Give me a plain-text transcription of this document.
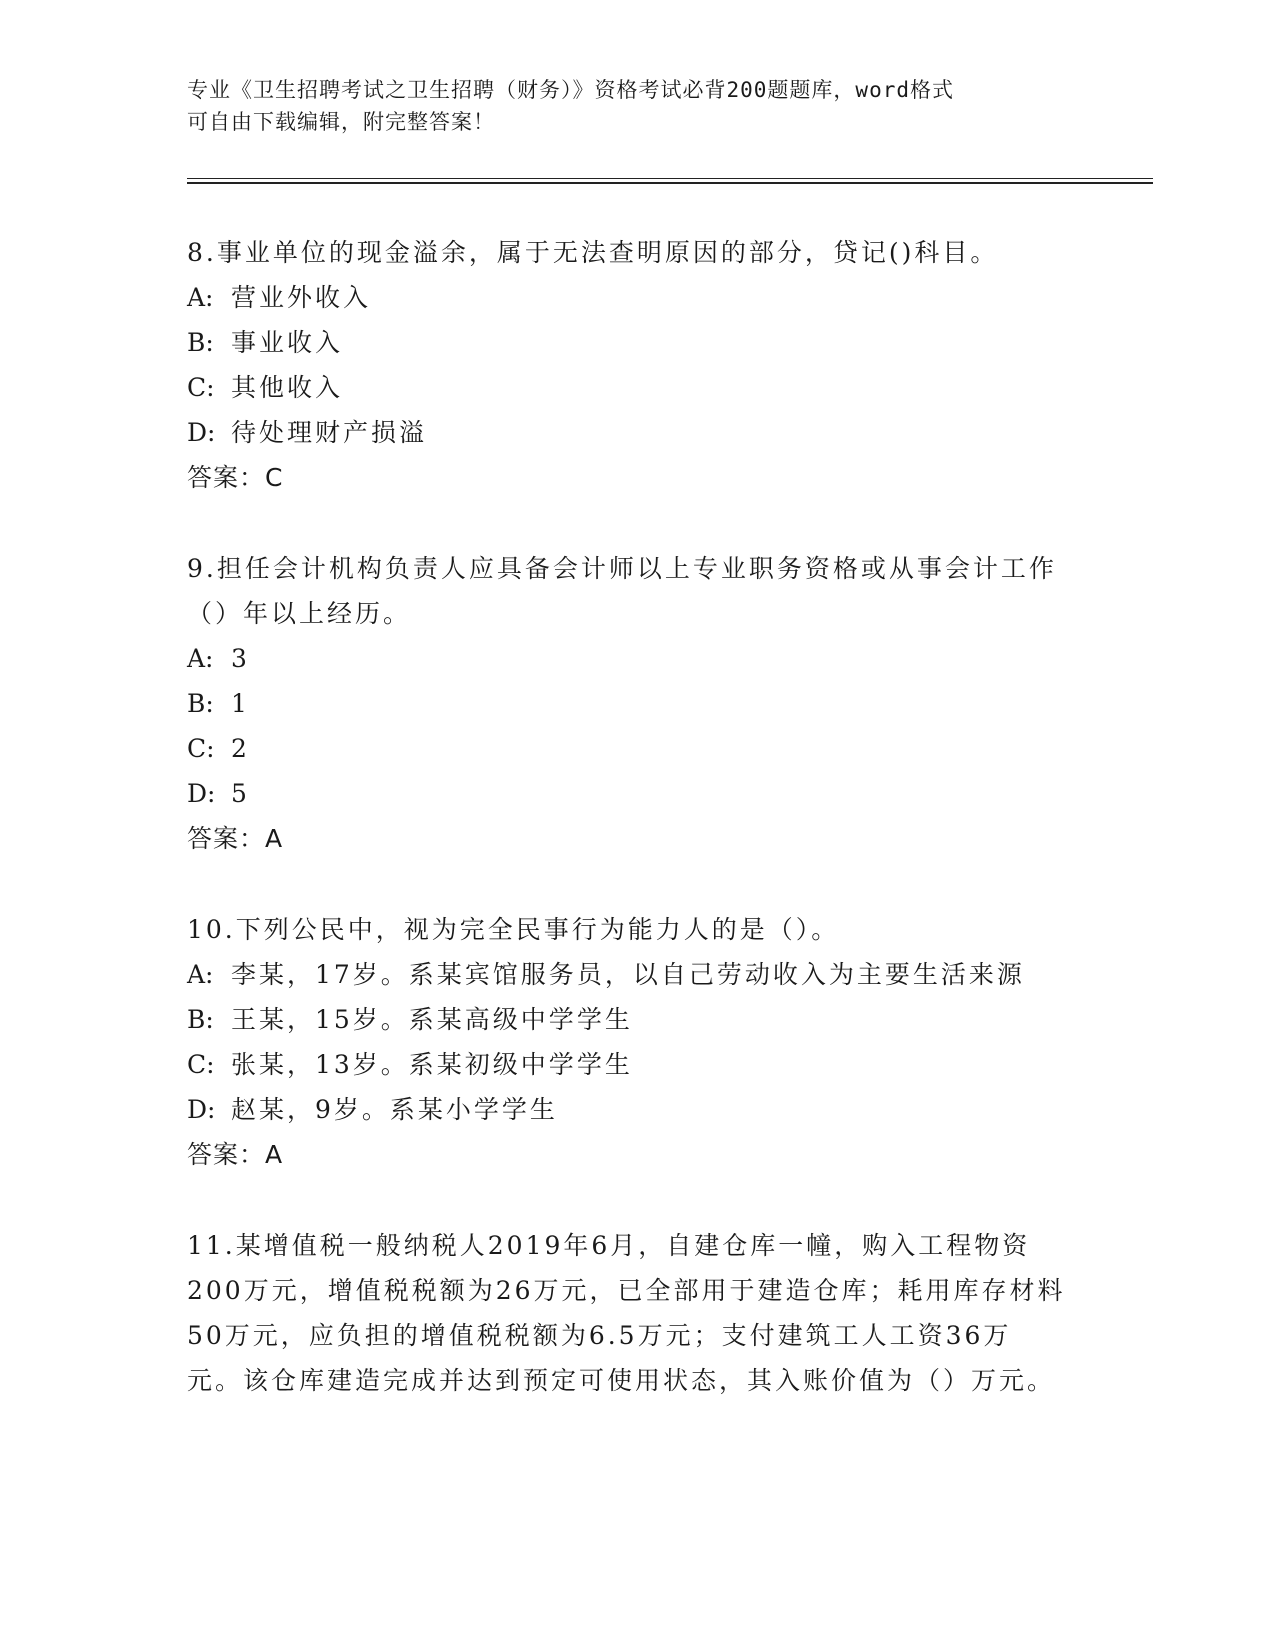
专业《卫生招聘考试之卫生招聘（财务）》资格考试必背200题题库，word格式
可自由下载编辑，附完整答案！
8.事业单位的现金溢余，属于无法查明原因的部分，贷记()科目。
A: 营业外收入
B: 事业收入
C: 其他收入
D: 待处理财产损溢
答案：C
9.担任会计机构负责人应具备会计师以上专业职务资格或从事会计工作（）年以上经历。
A: 3
B: 1
C: 2
D: 5
答案：A
10.下列公民中，视为完全民事行为能力人的是（）。
A: 李某，17岁。系某宾馆服务员，以自己劳动收入为主要生活来源
B: 王某，15岁。系某高级中学学生
C: 张某，13岁。系某初级中学学生
D: 赵某，9岁。系某小学学生
答案：A
11.某增值税一般纳税人2019年6月，自建仓库一幢，购入工程物资200万元，增值税税额为26万元，已全部用于建造仓库；耗用库存材料50万元，应负担的增值税税额为6.5万元；支付建筑工人工资36万元。该仓库建造完成并达到预定可使用状态，其入账价值为（）万元。
